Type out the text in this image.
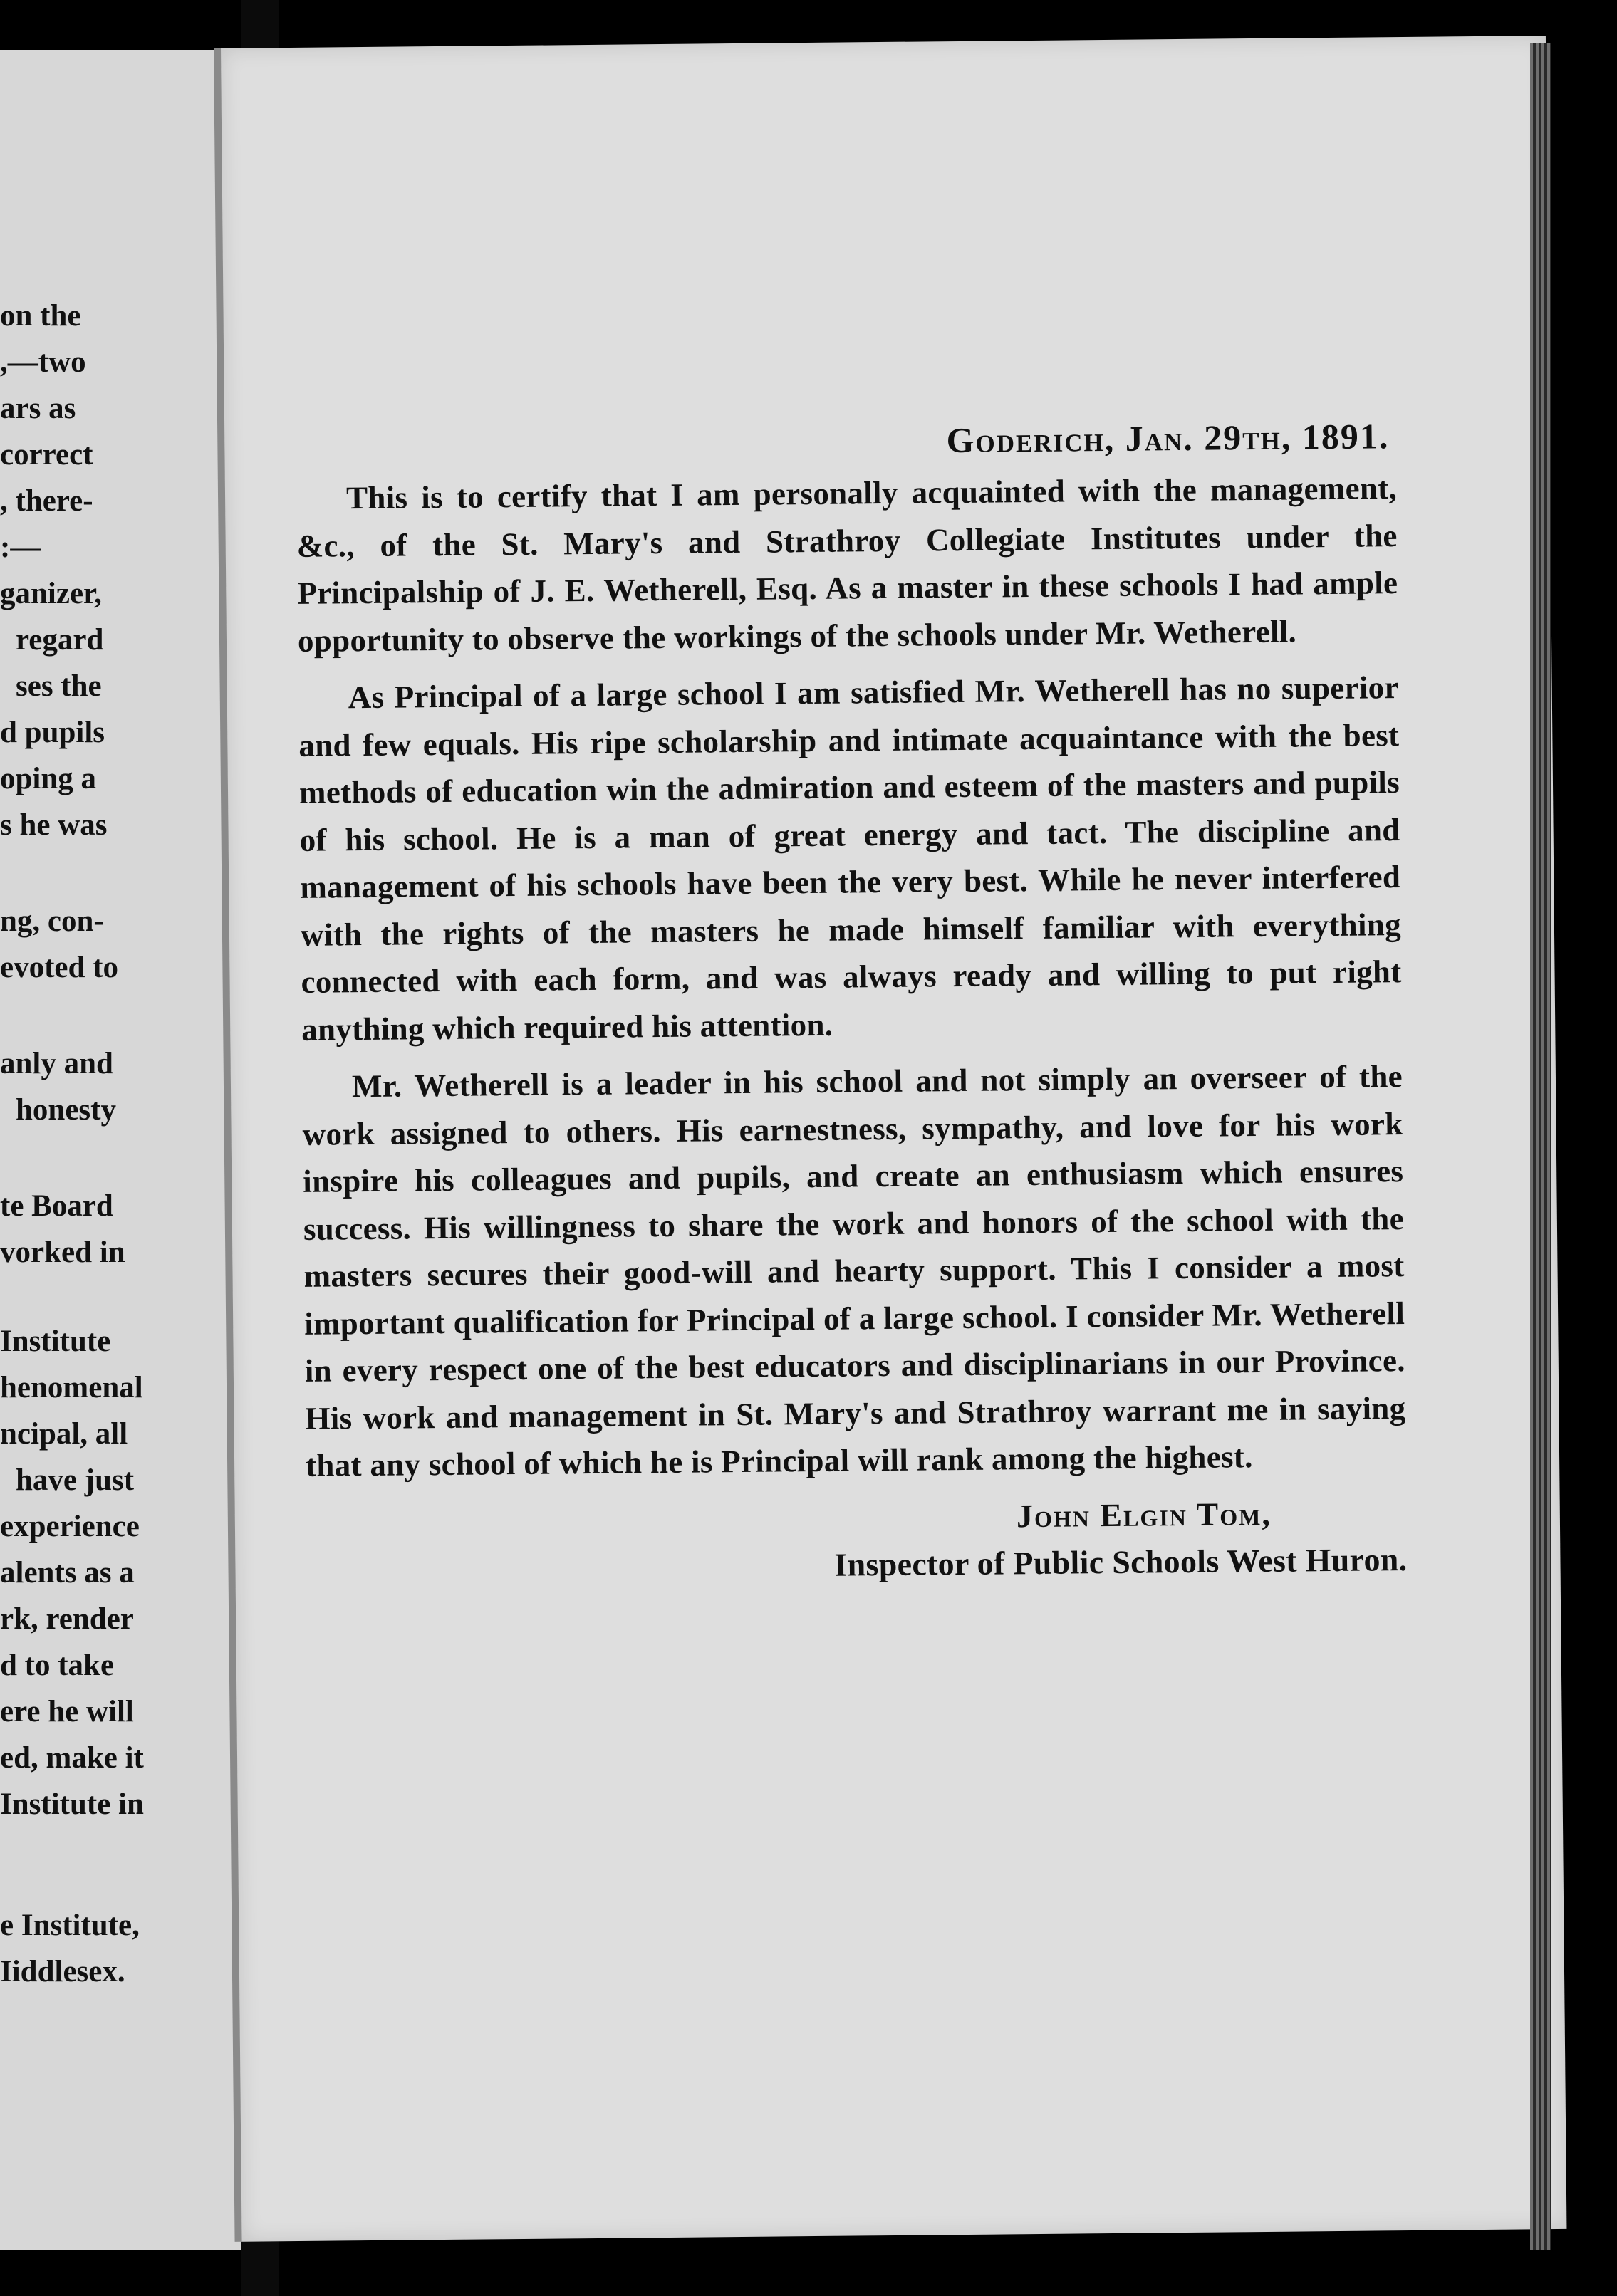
on the
,—two
ars as
correct
, there-
:—
ganizer,
regard
ses the
d pupils
oping a
s he was
ng, con-
evoted to
anly and
honesty
te Board
vorked in
Institute
henomenal
ncipal, all
have just
experience
alents as a
rk, render
d to take
ere he will
ed, make it
Institute in
e Institute,
Iiddlesex.
Goderich, Jan. 29th, 1891.

This is to certify that I am personally acquainted with the management, &c., of the St. Mary's and Strathroy Collegiate Institutes under the Principalship of J. E. Wetherell, Esq. As a master in these schools I had ample opportunity to observe the workings of the schools under Mr. Wetherell.

As Principal of a large school I am satisfied Mr. Wetherell has no superior and few equals. His ripe scholarship and intimate acquaintance with the best methods of education win the admiration and esteem of the masters and pupils of his school. He is a man of great energy and tact. The discipline and management of his schools have been the very best. While he never interfered with the rights of the masters he made himself familiar with everything connected with each form, and was always ready and willing to put right anything which required his attention.

Mr. Wetherell is a leader in his school and not simply an overseer of the work assigned to others. His earnestness, sympathy, and love for his work inspire his colleagues and pupils, and create an enthusiasm which ensures success. His willingness to share the work and honors of the school with the masters secures their good-will and hearty support. This I consider a most important qualification for Principal of a large school. I consider Mr. Wetherell in every respect one of the best educators and disciplinarians in our Province. His work and management in St. Mary's and Strathroy warrant me in saying that any school of which he is Principal will rank among the highest.

John Elgin Tom,
Inspector of Public Schools West Huron.
